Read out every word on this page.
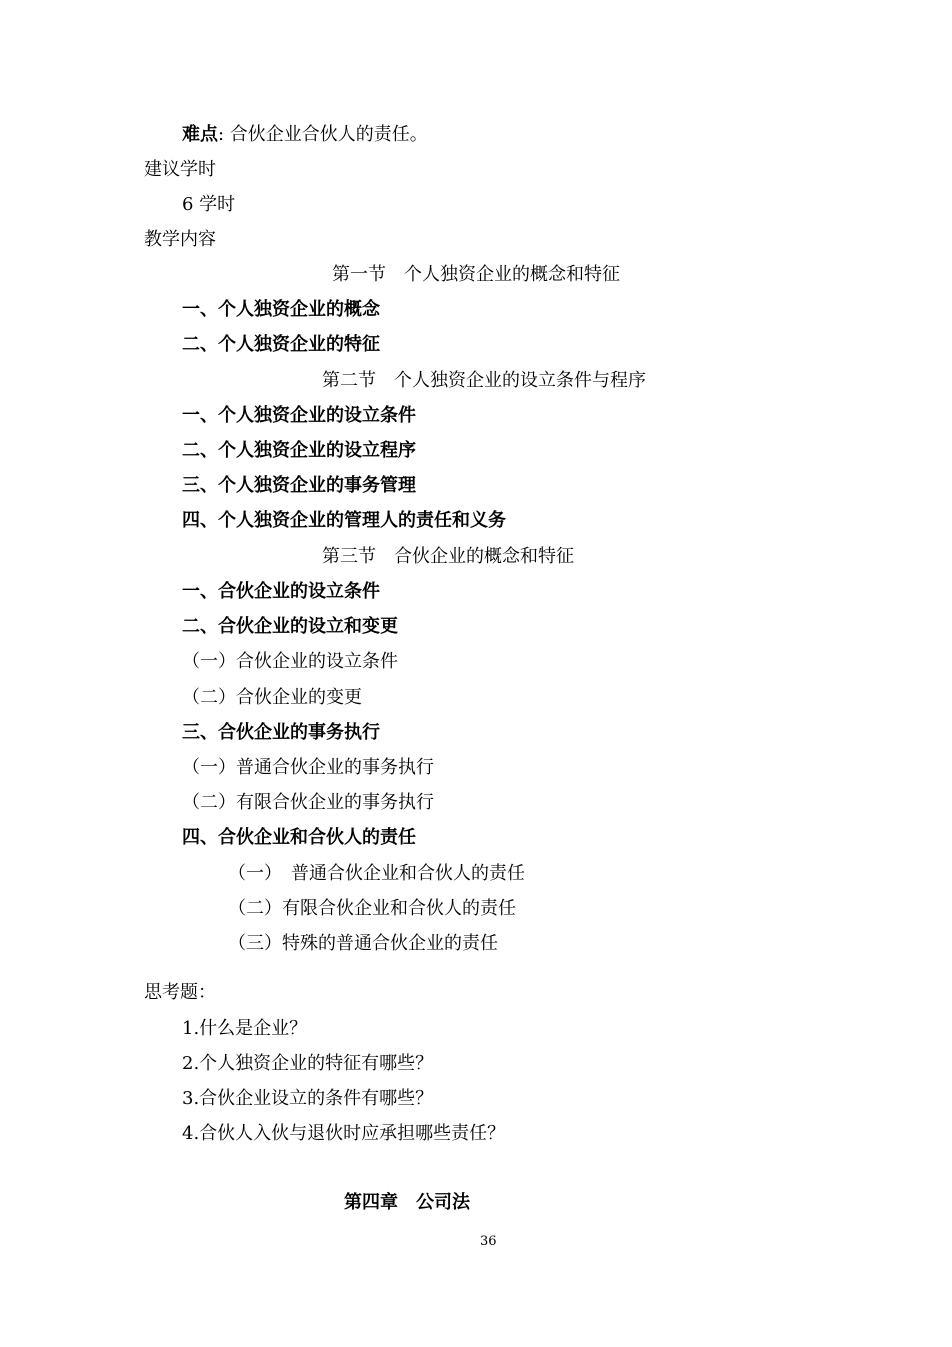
难点: 合伙企业合伙人的责任。
建议学时
6 学时
教学内容
第一节　个人独资企业的概念和特征
一、个人独资企业的概念
二、个人独资企业的特征
第二节　个人独资企业的设立条件与程序
一、个人独资企业的设立条件
二、个人独资企业的设立程序
三、个人独资企业的事务管理
四、个人独资企业的管理人的责任和义务
第三节　合伙企业的概念和特征
一、合伙企业的设立条件
二、合伙企业的设立和变更
（一）合伙企业的设立条件
（二）合伙企业的变更
三、合伙企业的事务执行
（一）普通合伙企业的事务执行
（二）有限合伙企业的事务执行
四、合伙企业和合伙人的责任
（一）　普通合伙企业和合伙人的责任
（二）有限合伙企业和合伙人的责任
（三）特殊的普通合伙企业的责任
思考题：
1.什么是企业？
2.个人独资企业的特征有哪些？
3.合伙企业设立的条件有哪些？
4.合伙人入伙与退伙时应承担哪些责任？
第四章　公司法
36
